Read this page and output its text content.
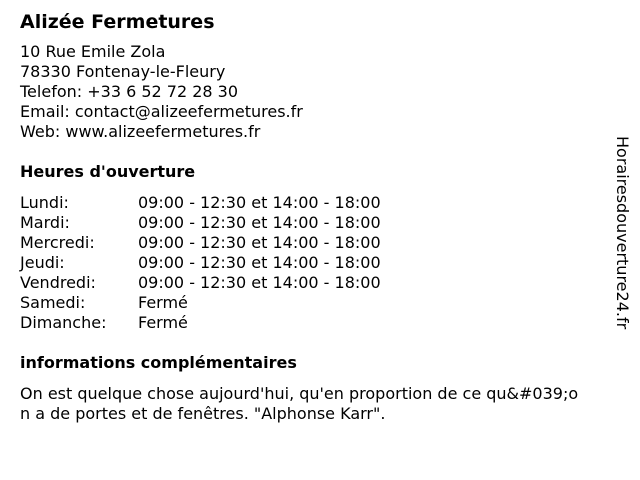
Alizée Fermetures
10 Rue Emile Zola
78330 Fontenay-le-Fleury
Telefon: +33 6 52 72 28 30
Email: contact@alizeefermetures.fr
Web: www.alizeefermetures.fr
Heures d'ouverture
Lundi:	09:00 - 12:30 et 14:00 - 18:00
Mardi:	09:00 - 12:30 et 14:00 - 18:00
Mercredi:	09:00 - 12:30 et 14:00 - 18:00
Jeudi:	09:00 - 12:30 et 14:00 - 18:00
Vendredi:	09:00 - 12:30 et 14:00 - 18:00
Samedi:	Fermé
Dimanche:	Fermé
informations complémentaires
On est quelque chose aujourd'hui, qu'en proportion de ce qu&#039;on a de portes et de fenêtres. "Alphonse Karr".
Horairesdouverture24.fr
